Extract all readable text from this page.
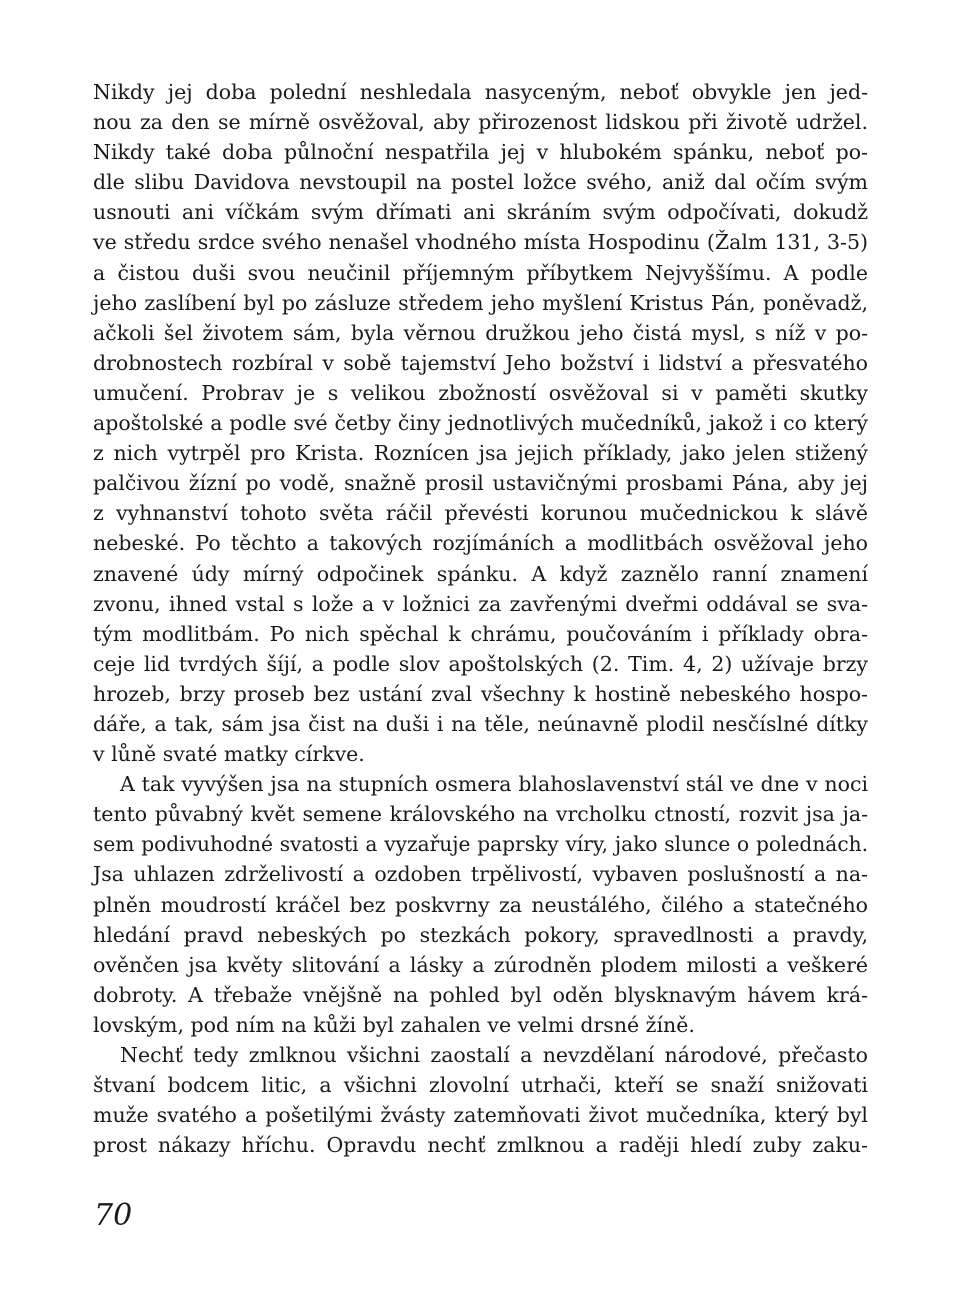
Nikdy jej doba polední neshledala nasyceným, neboť obvykle jen jed-
nou za den se mírně osvěžoval, aby přirozenost lidskou při životě udržel.
Nikdy také doba půlnoční nespatřila jej v hlubokém spánku, neboť po-
dle slibu Davidova nevstoupil na postel ložce svého, aniž dal očím svým
usnouti ani víčkám svým dřímati ani skráním svým odpočívati, dokudž
ve středu srdce svého nenašel vhodného místa Hospodinu (Žalm 131, 3-5)
a čistou duši svou neučinil příjemným příbytkem Nejvyššímu. A podle
jeho zaslíbení byl po zásluze středem jeho myšlení Kristus Pán, poněvadž,
ačkoli šel životem sám, byla věrnou družkou jeho čistá mysl, s níž v po-
drobnostech rozbíral v sobě tajemství Jeho božství i lidství a přesvatého
umučení. Probrav je s velikou zbožností osvěžoval si v paměti skutky
apoštolské a podle své četby činy jednotlivých mučedníků, jakož i co který
z nich vytrpěl pro Krista. Roznícen jsa jejich příklady, jako jelen stižený
palčivou žízní po vodě, snažně prosil ustavičnými prosbami Pána, aby jej
z vyhnanství tohoto světa ráčil převésti korunou mučednickou k slávě
nebeské. Po těchto a takových rozjímáních a modlitbách osvěžoval jeho
znavené údy mírný odpočinek spánku. A když zaznělo ranní znamení
zvonu, ihned vstal s lože a v ložnici za zavřenými dveřmi oddával se sva-
tým modlitbám. Po nich spěchal k chrámu, poučováním i příklady obra-
ceje lid tvrdých šíjí, a podle slov apoštolských (2. Tim. 4, 2) užívaje brzy
hrozeb, brzy proseb bez ustání zval všechny k hostině nebeského hospo-
dáře, a tak, sám jsa čist na duši i na těle, neúnavně plodil nesčíslné dítky
v lůně svaté matky církve.
A tak vyvýšen jsa na stupních osmera blahoslavenství stál ve dne v noci
tento půvabný květ semene královského na vrcholku ctností, rozvit jsa ja-
sem podivuhodné svatosti a vyzařuje paprsky víry, jako slunce o polednách.
Jsa uhlazen zdrželivostí a ozdoben trpělivostí, vybaven poslušností a na-
plněn moudrostí kráčel bez poskvrny za neustálého, čilého a statečného
hledání pravd nebeských po stezkách pokory, spravedlnosti a pravdy,
ověnčen jsa květy slitování a lásky a zúrodněn plodem milosti a veškeré
dobroty. A třebaže vnějšně na pohled byl oděn blysknavým hávem krá-
lovským, pod ním na kůži byl zahalen ve velmi drsné žíně.
Nechť tedy zmlknou všichni zaostalí a nevzdělaní národové, přečasto
štvaní bodcem litic, a všichni zlovolní utrhači, kteří se snaží snižovati
muže svatého a pošetilými žvásty zatemňovati život mučedníka, který byl
prost nákazy hříchu. Opravdu nechť zmlknou a raději hledí zuby zaku-
70
